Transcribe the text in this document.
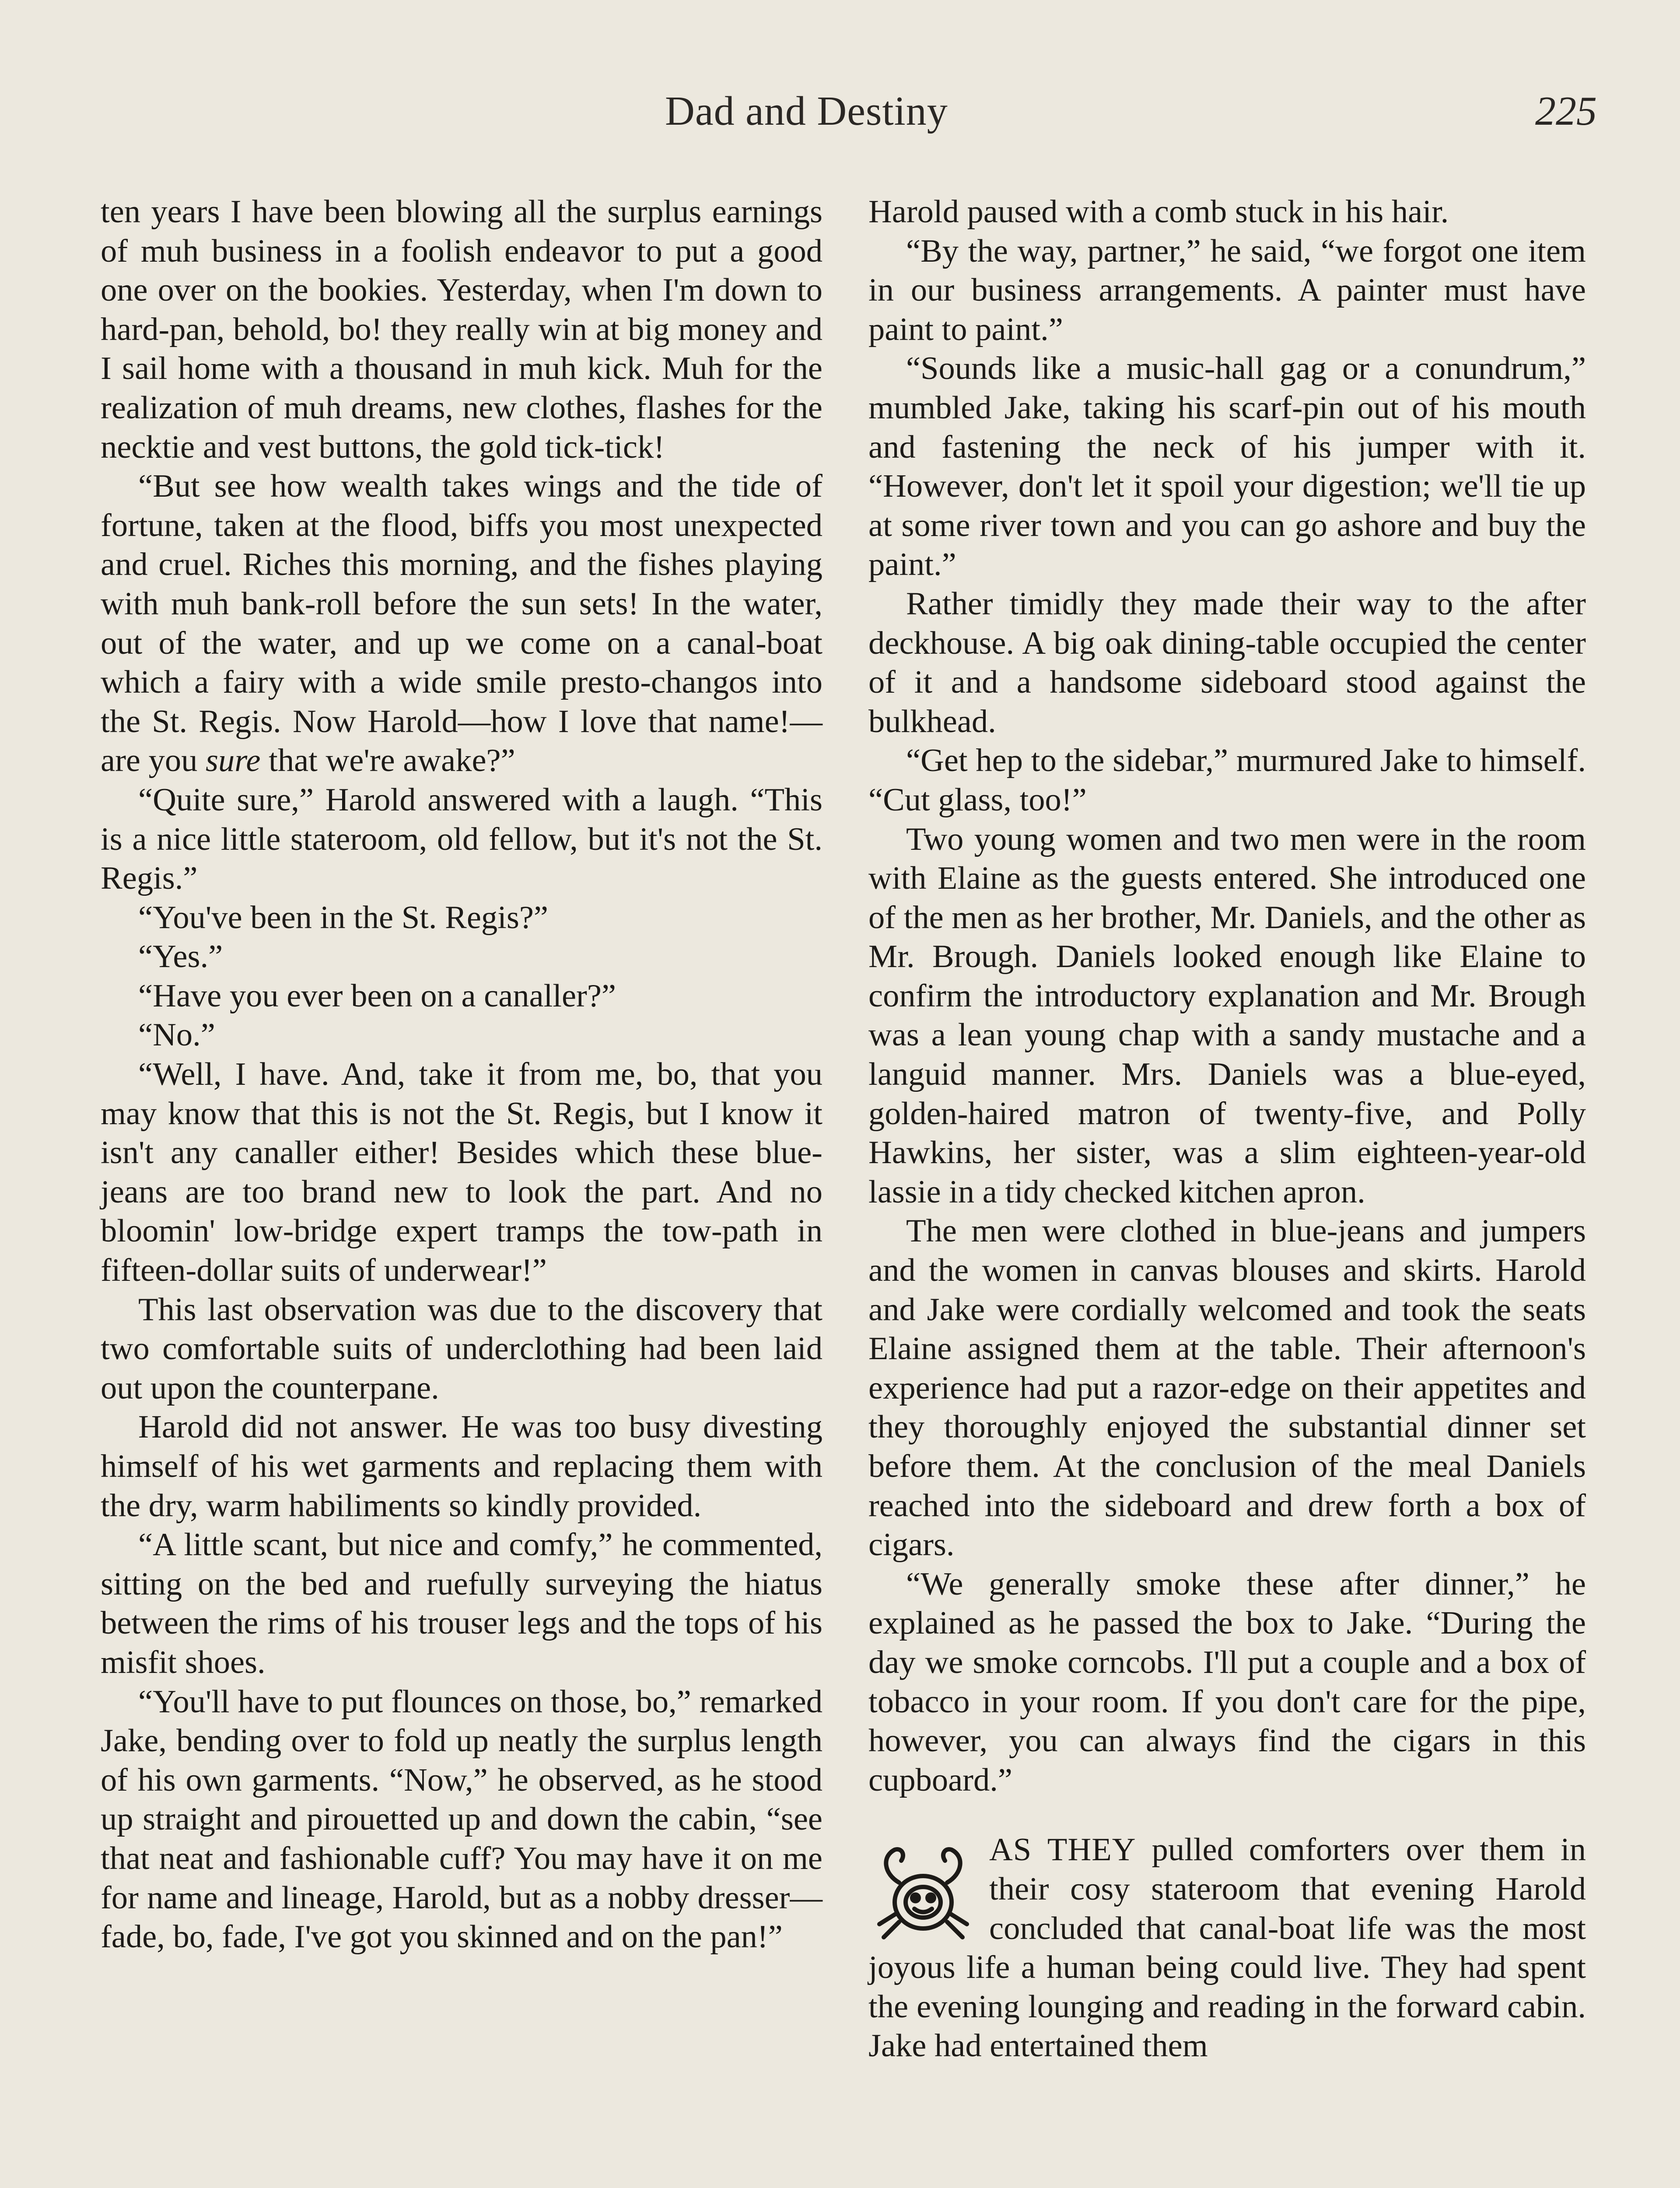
Dad and Destiny	225

ten years I have been blowing all the surplus earnings of muh business in a foolish endeavor to put a good one over on the bookies. Yesterday, when I'm down to hard-pan, behold, bo! they really win at big money and I sail home with a thousand in muh kick. Muh for the realization of muh dreams, new clothes, flashes for the necktie and vest buttons, the gold tick-tick!

“But see how wealth takes wings and the tide of fortune, taken at the flood, biffs you most unexpected and cruel. Riches this morning, and the fishes playing with muh bank-roll before the sun sets! In the water, out of the water, and up we come on a canal-boat which a fairy with a wide smile presto-changos into the St. Regis. Now Harold—how I love that name!—are you sure that we're awake?”

“Quite sure,” Harold answered with a laugh. “This is a nice little stateroom, old fellow, but it's not the St. Regis.”

“You've been in the St. Regis?”

“Yes.”

“Have you ever been on a canaller?”

“No.”

“Well, I have. And, take it from me, bo, that you may know that this is not the St. Regis, but I know it isn't any canaller either! Besides which these blue-jeans are too brand new to look the part. And no bloomin' low-bridge expert tramps the tow-path in fifteen-dollar suits of underwear!”

This last observation was due to the discovery that two comfortable suits of underclothing had been laid out upon the counterpane.

Harold did not answer. He was too busy divesting himself of his wet garments and replacing them with the dry, warm habiliments so kindly provided.

“A little scant, but nice and comfy,” he commented, sitting on the bed and ruefully surveying the hiatus between the rims of his trouser legs and the tops of his misfit shoes.

“You'll have to put flounces on those, bo,” remarked Jake, bending over to fold up neatly the surplus length of his own garments. “Now,” he observed, as he stood up straight and pirouetted up and down the cabin, “see that neat and fashionable cuff? You may have it on me for name and lineage, Harold, but as a nobby dresser—fade, bo, fade, I've got you skinned and on the pan!”

Harold paused with a comb stuck in his hair.

“By the way, partner,” he said, “we forgot one item in our business arrangements. A painter must have paint to paint.”

“Sounds like a music-hall gag or a conundrum,” mumbled Jake, taking his scarf-pin out of his mouth and fastening the neck of his jumper with it. “However, don't let it spoil your digestion; we'll tie up at some river town and you can go ashore and buy the paint.”

Rather timidly they made their way to the after deckhouse. A big oak dining-table occupied the center of it and a handsome sideboard stood against the bulkhead.

“Get hep to the sidebar,” murmured Jake to himself. “Cut glass, too!”

Two young women and two men were in the room with Elaine as the guests entered. She introduced one of the men as her brother, Mr. Daniels, and the other as Mr. Brough. Daniels looked enough like Elaine to confirm the introductory explanation and Mr. Brough was a lean young chap with a sandy mustache and a languid manner. Mrs. Daniels was a blue-eyed, golden-haired matron of twenty-five, and Polly Hawkins, her sister, was a slim eighteen-year-old lassie in a tidy checked kitchen apron.

The men were clothed in blue-jeans and jumpers and the women in canvas blouses and skirts. Harold and Jake were cordially welcomed and took the seats Elaine assigned them at the table. Their afternoon's experience had put a razor-edge on their appetites and they thoroughly enjoyed the substantial dinner set before them. At the conclusion of the meal Daniels reached into the sideboard and drew forth a box of cigars.

“We generally smoke these after dinner,” he explained as he passed the box to Jake. “During the day we smoke corncobs. I'll put a couple and a box of tobacco in your room. If you don't care for the pipe, however, you can always find the cigars in this cupboard.”

AS THEY pulled comforters over them in their cosy stateroom that evening Harold concluded that canal-boat life was the most joyous life a human being could live. They had spent the evening lounging and reading in the forward cabin. Jake had entertained them
